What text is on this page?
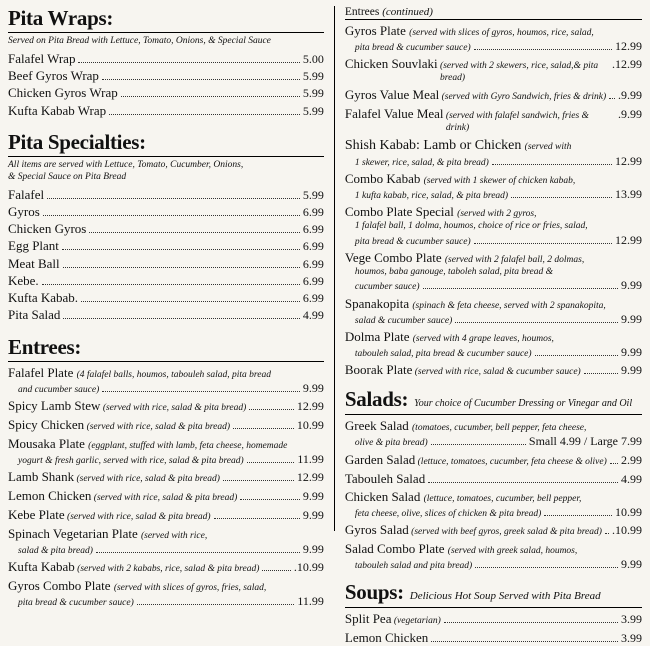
Pita Wraps:

Served on Pita Bread with Lettuce, Tomato, Onions, & Special Sauce

Falafel Wrap	5.00
Beef Gyros Wrap	5.99
Chicken Gyros Wrap	5.99
Kufta Kabab Wrap	5.99
Pita Specialties:

All items are served with Lettuce, Tomato, Cucumber, Onions,
& Special Sauce on Pita Bread

Falafel	5.99
Gyros	6.99
Chicken Gyros	6.99
Egg Plant	6.99
Meat Ball	6.99
Kebe.	6.99
Kufta Kabab.	6.99
Pita Salad	4.99
Entrees:
Falafel Plate (4 falafel balls, houmos, tabouleh salad, pita bread
and cucumber sauce)	9.99
Spicy Lamb Stew
(served with rice, salad & pita bread)	12.99
Spicy Chicken
(served with rice, salad & pita bread)	10.99
Mousaka Plate (eggplant, stuffed with lamb, feta cheese, homemade
yogurt & fresh garlic, served with rice, salad & pita bread)	11.99
Lamb Shank
(served with rice, salad & pita bread)	12.99
Lemon Chicken
(served with rice, salad & pita bread)	9.99
Kebe Plate
(served with rice, salad & pita bread)	9.99
Spinach Vegetarian Plate (served with rice,
salad & pita bread)	9.99
Kufta Kabab
(served with 2 kababs, rice, salad & pita bread)	.10.99
Gyros Combo Plate (served with slices of gyros, fries, salad,
pita bread & cucumber sauce)	11.99
Entrees (continued)
Gyros Plate (served with slices of gyros, houmos, rice, salad,
pita bread & cucumber sauce)	12.99
Chicken Souvlaki
(served with 2 skewers, rice, salad,& pita bread)
.12.99
Gyros Value Meal
(served with Gyro Sandwich, fries & drink) .9.99
Falafel Value Meal
(served with falafel sandwich, fries & drink)
.9.99
Shish Kabab: Lamb or Chicken (served with
1 skewer, rice, salad, & pita bread)	12.99
Combo Kabab (served with 1 skewer of chicken kabab,
1 kufta kabab, rice, salad, & pita bread)	13.99
Combo Plate Special (served with 2 gyros,
1 falafel ball, 1 dolma, houmos, choice of rice or fries, salad,
pita bread & cucumber sauce)	12.99
Vege Combo Plate (served with 2 falafel ball, 2 dolmas,
houmos, baba ganouge, taboleh salad, pita bread &
cucumber sauce)	9.99
Spanakopita (spinach & feta cheese, served with 2 spanakopita,
salad & cucumber sauce)	9.99
Dolma Plate (served with 4 grape leaves, houmos,
tabouleh salad, pita bread & cucumber sauce)	9.99
Boorak Plate
(served with rice, salad & cucumber sauce)	9.99
Salads: Your choice of Cucumber Dressing or Vinegar and Oil
Greek Salad (tomatoes, cucumber, bell pepper, feta cheese,
olive & pita bread)	Small 4.99 / Large 7.99
Garden Salad
(lettuce, tomatoes, cucumber, feta cheese & olive) 2.99
Tabouleh Salad	4.99
Chicken Salad (lettuce, tomatoes, cucumber, bell pepper,
feta cheese, olive, slices of chicken & pita bread)	10.99
Gyros Salad
(served with beef gyros, greek salad & pita bread) .10.99
Salad Combo Plate (served with greek salad, houmos,
tabouleh salad and pita bread)	9.99
Soups: Delicious Hot Soup Served with Pita Bread
Split Pea
(vegetarian)	3.99
Lemon Chicken	3.99
